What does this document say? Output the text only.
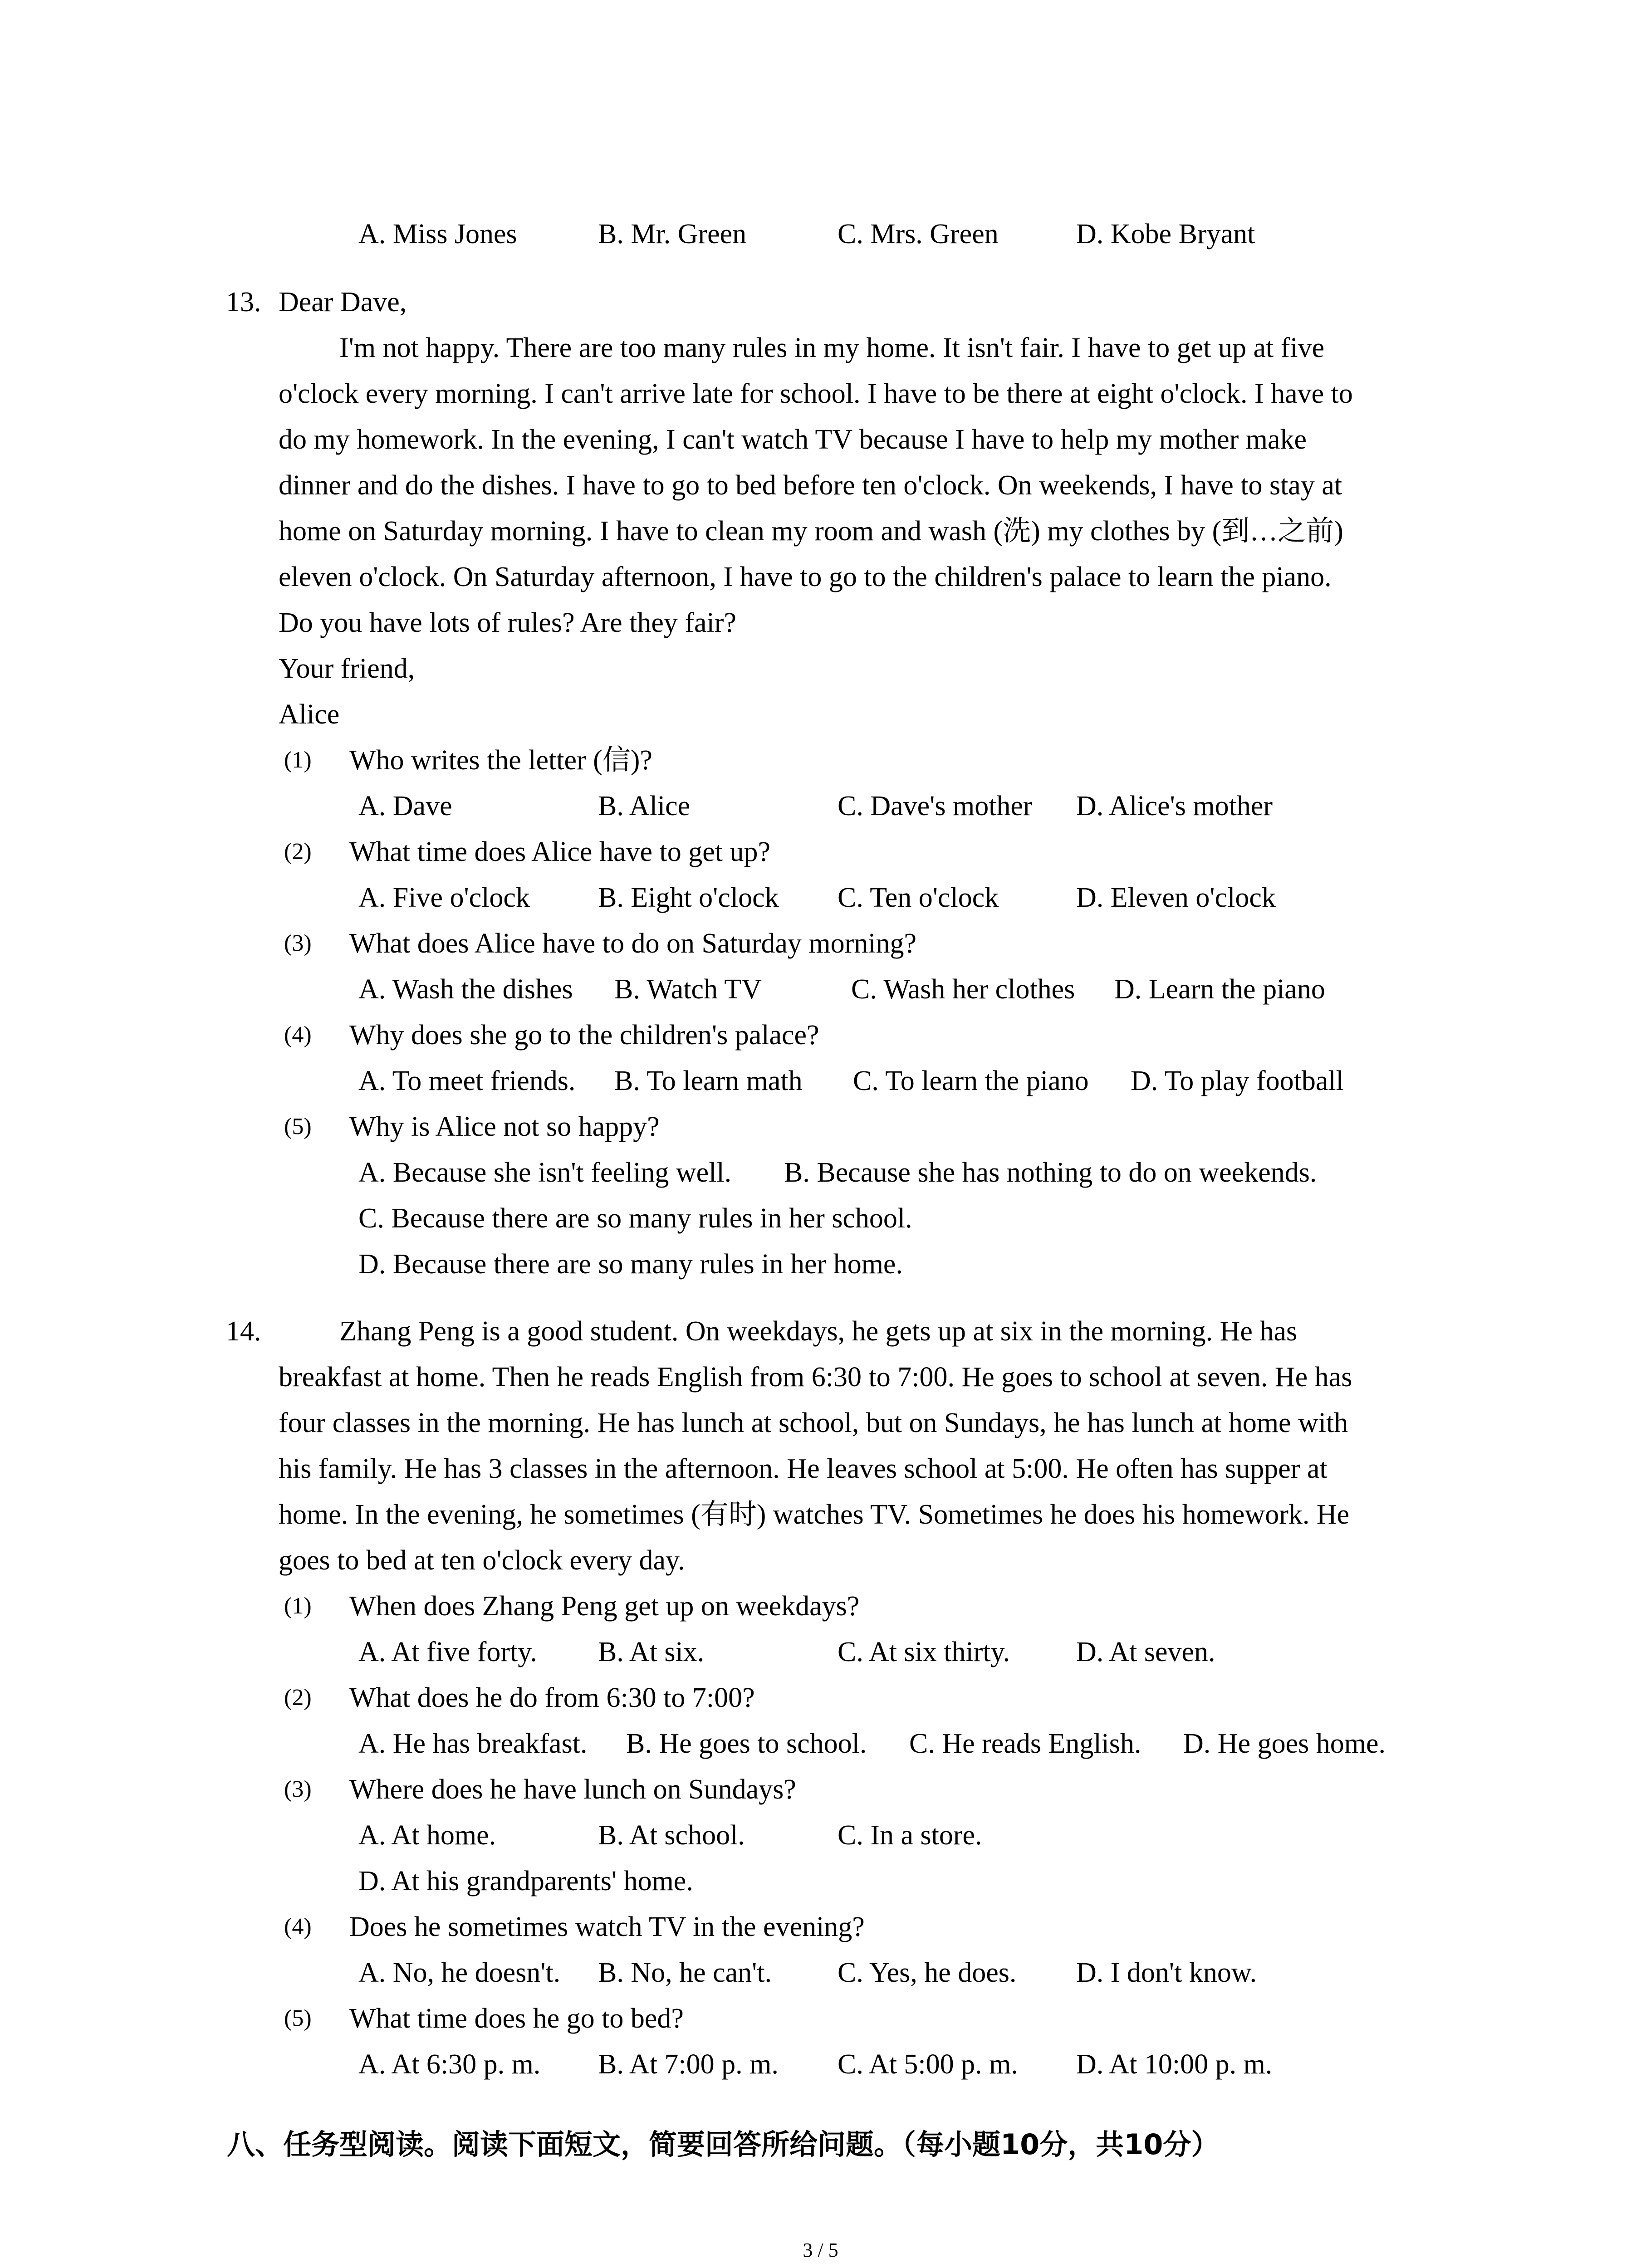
A. Miss Jones	B. Mr. Green	C. Mrs. Green	D. Kobe Bryant
13. Dear Dave,
I'm not happy. There are too many rules in my home. It isn't fair. I have to get up at five
o'clock every morning. I can't arrive late for school. I have to be there at eight o'clock. I have to
do my homework. In the evening, I can't watch TV because I have to help my mother make
dinner and do the dishes. I have to go to bed before ten o'clock. On weekends, I have to stay at
home on Saturday morning. I have to clean my room and wash (洗) my clothes by (到…之前)
eleven o'clock. On Saturday afternoon, I have to go to the children's palace to learn the piano.
Do you have lots of rules? Are they fair?
Your friend,
Alice
(1) Who writes the letter (信)?
A. Dave	B. Alice	C. Dave's mother D. Alice's mother
(2) What time does Alice have to get up?
A. Five o'clock B. Eight o'clock C. Ten o'clock	D. Eleven o'clock
(3) What does Alice have to do on Saturday morning?
A. Wash the dishes B. Watch TV	C. Wash her clothes D. Learn the piano
(4) Why does she go to the children's palace?
A. To meet friends. B. To learn math C. To learn the piano D. To play football
(5) Why is Alice not so happy?
A. Because she isn't feeling well. B. Because she has nothing to do on weekends.
C. Because there are so many rules in her school.
D. Because there are so many rules in her home.
14.	Zhang Peng is a good student. On weekdays, he gets up at six in the morning. He has
breakfast at home. Then he reads English from 6:30 to 7:00. He goes to school at seven. He has
four classes in the morning. He has lunch at school, but on Sundays, he has lunch at home with
his family. He has 3 classes in the afternoon. He leaves school at 5:00. He often has supper at
home. In the evening, he sometimes (有时) watches TV. Sometimes he does his homework. He
goes to bed at ten o'clock every day.
(1) When does Zhang Peng get up on weekdays?
A. At five forty. B. At six.	C. At six thirty. D. At seven.
(2) What does he do from 6:30 to 7:00?
A. He has breakfast. B. He goes to school. C. He reads English. D. He goes home.
(3) Where does he have lunch on Sundays?
A. At home.	B. At school.	C. In a store.
D. At his grandparents' home.
(4) Does he sometimes watch TV in the evening?
A. No, he doesn't. B. No, he can't. C. Yes, he does. D. I don't know.
(5) What time does he go to bed?
A. At 6:30 p. m. B. At 7:00 p. m. C. At 5:00 p. m. D. At 10:00 p. m.
八、任务型阅读。阅读下面短文，简要回答所给问题。（每小题10分，共10分）
3 / 5
